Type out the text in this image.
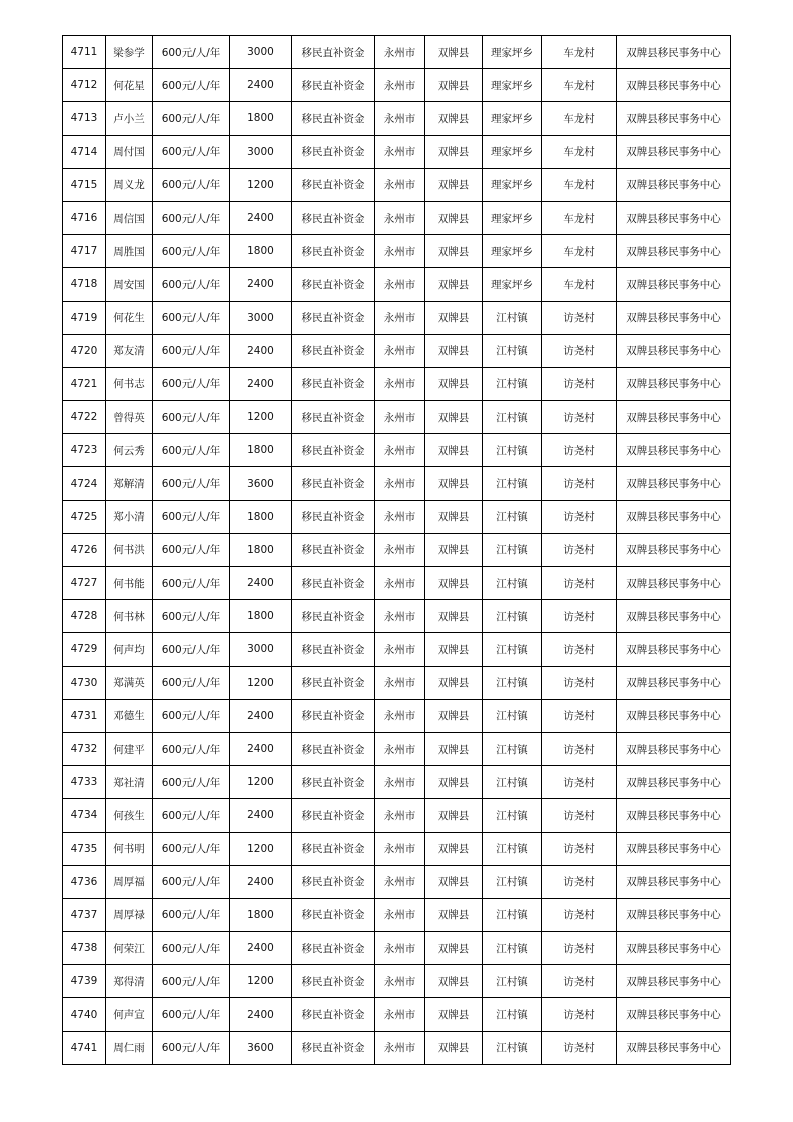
4711	梁参学	600元/人/年	3000	移民直补资金	永州市	双牌县	理家坪乡	车龙村	双牌县移民事务中心
4712	何花星	600元/人/年	2400	移民直补资金	永州市	双牌县	理家坪乡	车龙村	双牌县移民事务中心
4713	卢小兰	600元/人/年	1800	移民直补资金	永州市	双牌县	理家坪乡	车龙村	双牌县移民事务中心
4714	周付国	600元/人/年	3000	移民直补资金	永州市	双牌县	理家坪乡	车龙村	双牌县移民事务中心
4715	周义龙	600元/人/年	1200	移民直补资金	永州市	双牌县	理家坪乡	车龙村	双牌县移民事务中心
4716	周信国	600元/人/年	2400	移民直补资金	永州市	双牌县	理家坪乡	车龙村	双牌县移民事务中心
4717	周胜国	600元/人/年	1800	移民直补资金	永州市	双牌县	理家坪乡	车龙村	双牌县移民事务中心
4718	周安国	600元/人/年	2400	移民直补资金	永州市	双牌县	理家坪乡	车龙村	双牌县移民事务中心
4719	何花生	600元/人/年	3000	移民直补资金	永州市	双牌县	江村镇	访尧村	双牌县移民事务中心
4720	郑友清	600元/人/年	2400	移民直补资金	永州市	双牌县	江村镇	访尧村	双牌县移民事务中心
4721	何书志	600元/人/年	2400	移民直补资金	永州市	双牌县	江村镇	访尧村	双牌县移民事务中心
4722	曾得英	600元/人/年	1200	移民直补资金	永州市	双牌县	江村镇	访尧村	双牌县移民事务中心
4723	何云秀	600元/人/年	1800	移民直补资金	永州市	双牌县	江村镇	访尧村	双牌县移民事务中心
4724	郑解清	600元/人/年	3600	移民直补资金	永州市	双牌县	江村镇	访尧村	双牌县移民事务中心
4725	郑小清	600元/人/年	1800	移民直补资金	永州市	双牌县	江村镇	访尧村	双牌县移民事务中心
4726	何书洪	600元/人/年	1800	移民直补资金	永州市	双牌县	江村镇	访尧村	双牌县移民事务中心
4727	何书能	600元/人/年	2400	移民直补资金	永州市	双牌县	江村镇	访尧村	双牌县移民事务中心
4728	何书林	600元/人/年	1800	移民直补资金	永州市	双牌县	江村镇	访尧村	双牌县移民事务中心
4729	何声均	600元/人/年	3000	移民直补资金	永州市	双牌县	江村镇	访尧村	双牌县移民事务中心
4730	郑满英	600元/人/年	1200	移民直补资金	永州市	双牌县	江村镇	访尧村	双牌县移民事务中心
4731	邓德生	600元/人/年	2400	移民直补资金	永州市	双牌县	江村镇	访尧村	双牌县移民事务中心
4732	何建平	600元/人/年	2400	移民直补资金	永州市	双牌县	江村镇	访尧村	双牌县移民事务中心
4733	郑社清	600元/人/年	1200	移民直补资金	永州市	双牌县	江村镇	访尧村	双牌县移民事务中心
4734	何孩生	600元/人/年	2400	移民直补资金	永州市	双牌县	江村镇	访尧村	双牌县移民事务中心
4735	何书明	600元/人/年	1200	移民直补资金	永州市	双牌县	江村镇	访尧村	双牌县移民事务中心
4736	周厚福	600元/人/年	2400	移民直补资金	永州市	双牌县	江村镇	访尧村	双牌县移民事务中心
4737	周厚禄	600元/人/年	1800	移民直补资金	永州市	双牌县	江村镇	访尧村	双牌县移民事务中心
4738	何荣江	600元/人/年	2400	移民直补资金	永州市	双牌县	江村镇	访尧村	双牌县移民事务中心
4739	郑得清	600元/人/年	1200	移民直补资金	永州市	双牌县	江村镇	访尧村	双牌县移民事务中心
4740	何声宣	600元/人/年	2400	移民直补资金	永州市	双牌县	江村镇	访尧村	双牌县移民事务中心
4741	周仁雨	600元/人/年	3600	移民直补资金	永州市	双牌县	江村镇	访尧村	双牌县移民事务中心
